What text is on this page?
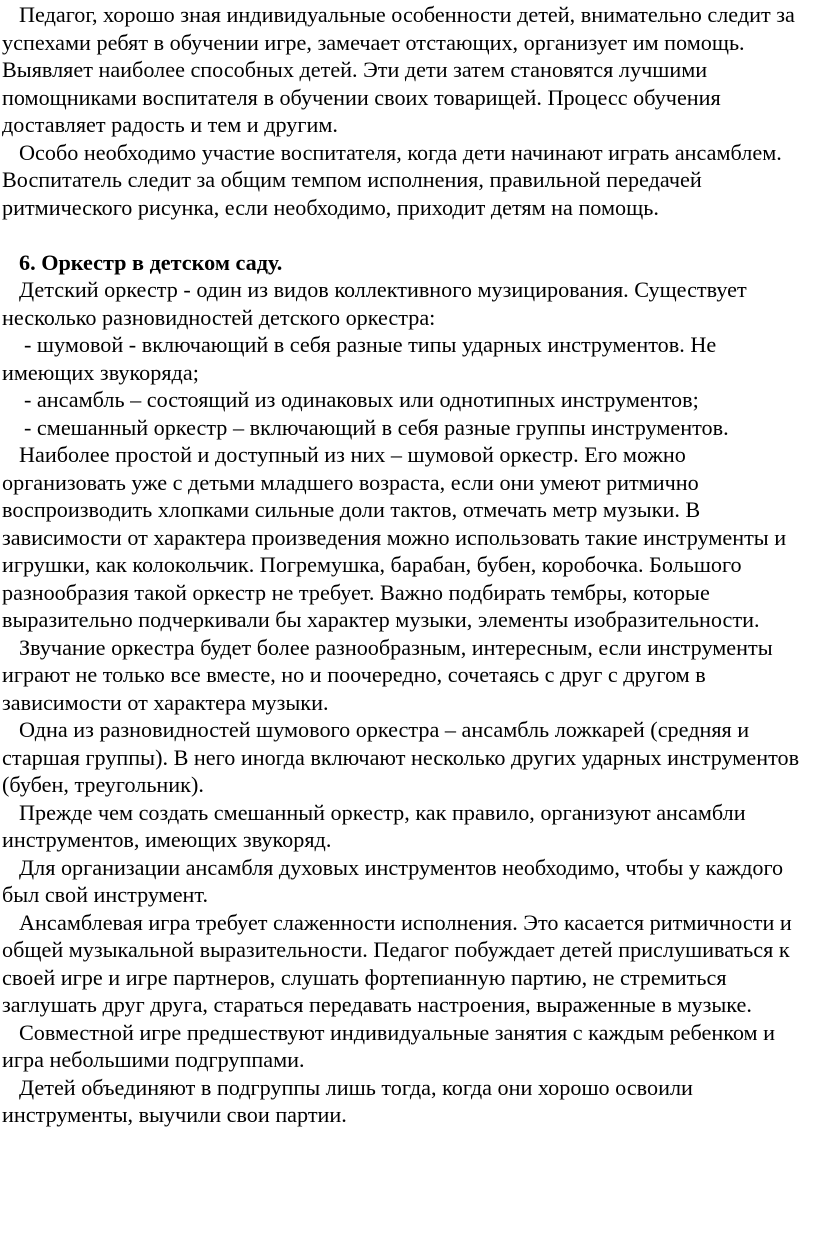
Педагог, хорошо зная индивидуальные особенности детей, внимательно следит за успехами ребят в обучении игре, замечает отстающих, организует им помощь. Выявляет наиболее способных детей. Эти дети затем становятся лучшими помощниками воспитателя в обучении своих товарищей. Процесс обучения доставляет радость и тем и другим.

Особо необходимо участие воспитателя, когда дети начинают играть ансамблем. Воспитатель следит за общим темпом исполнения, правильной передачей ритмического рисунка, если необходимо, приходит детям на помощь.

6. Оркестр в детском саду.

Детский оркестр - один из видов коллективного музицирования. Существует несколько разновидностей детского оркестра:

- шумовой - включающий в себя разные типы ударных инструментов. Не имеющих звукоряда;

- ансамбль – состоящий из одинаковых или однотипных инструментов;

- смешанный оркестр – включающий в себя разные группы инструментов.

Наиболее простой и доступный из них – шумовой оркестр. Его можно организовать уже с детьми младшего возраста, если они умеют ритмично воспроизводить хлопками сильные доли тактов, отмечать метр музыки. В зависимости от характера произведения можно использовать такие инструменты и игрушки, как колокольчик. Погремушка, барабан, бубен, коробочка. Большого разнообразия такой оркестр не требует. Важно подбирать тембры, которые выразительно подчеркивали бы характер музыки, элементы изобразительности.

Звучание оркестра будет более разнообразным, интересным, если инструменты играют не только все вместе, но и поочередно, сочетаясь с друг с другом в зависимости от характера музыки.

Одна из разновидностей шумового оркестра – ансамбль ложкарей (средняя и старшая группы). В него иногда включают несколько других ударных инструментов (бубен, треугольник).

Прежде чем создать смешанный оркестр, как правило, организуют ансамбли инструментов, имеющих звукоряд.

Для организации ансамбля духовых инструментов необходимо, чтобы у каждого был свой инструмент.

Ансамблевая игра требует слаженности исполнения. Это касается ритмичности и общей музыкальной выразительности. Педагог побуждает детей прислушиваться к своей игре и игре партнеров, слушать фортепианную партию, не стремиться заглушать друг друга, стараться передавать настроения, выраженные в музыке.

Совместной игре предшествуют индивидуальные занятия с каждым ребенком и игра небольшими подгруппами.

Детей объединяют в подгруппы лишь тогда, когда они хорошо освоили инструменты, выучили свои партии.
